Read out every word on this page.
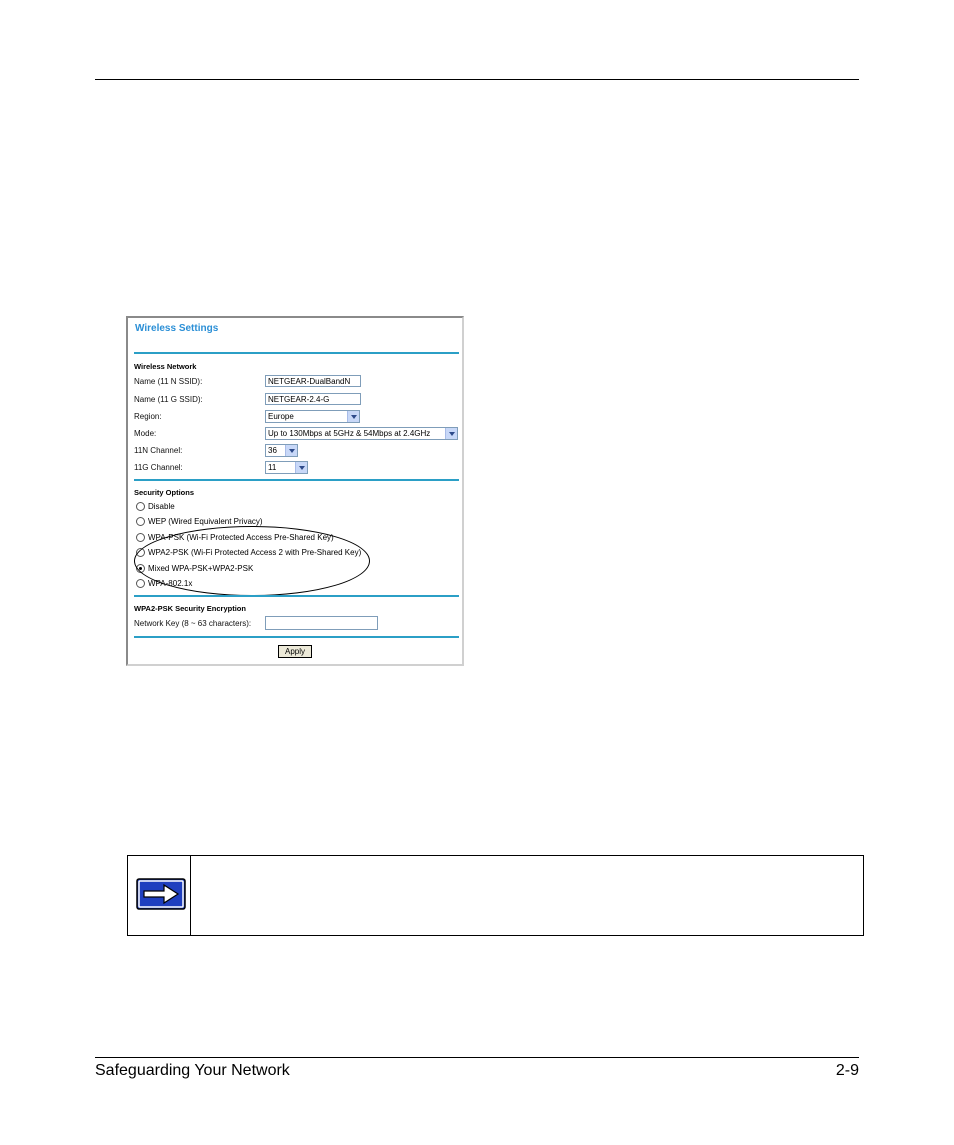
Wireless Settings
Wireless Network
Name (11 N SSID):	NETGEAR-DualBandN
Name (11 G SSID):	NETGEAR-2.4-G
Region:	Europe
Mode:	Up to 130Mbps at 5GHz & 54Mbps at 2.4GHz
11N Channel:	36
11G Channel:	11
Security Options
Disable
WEP (Wired Equivalent Privacy)
WPA-PSK (Wi-Fi Protected Access Pre-Shared Key)
WPA2-PSK (Wi-Fi Protected Access 2 with Pre-Shared Key)
Mixed WPA-PSK+WPA2-PSK
WPA-802.1x
WPA2-PSK Security Encryption
Network Key (8 ~ 63 characters):
Apply
Safeguarding Your Network	2-9
